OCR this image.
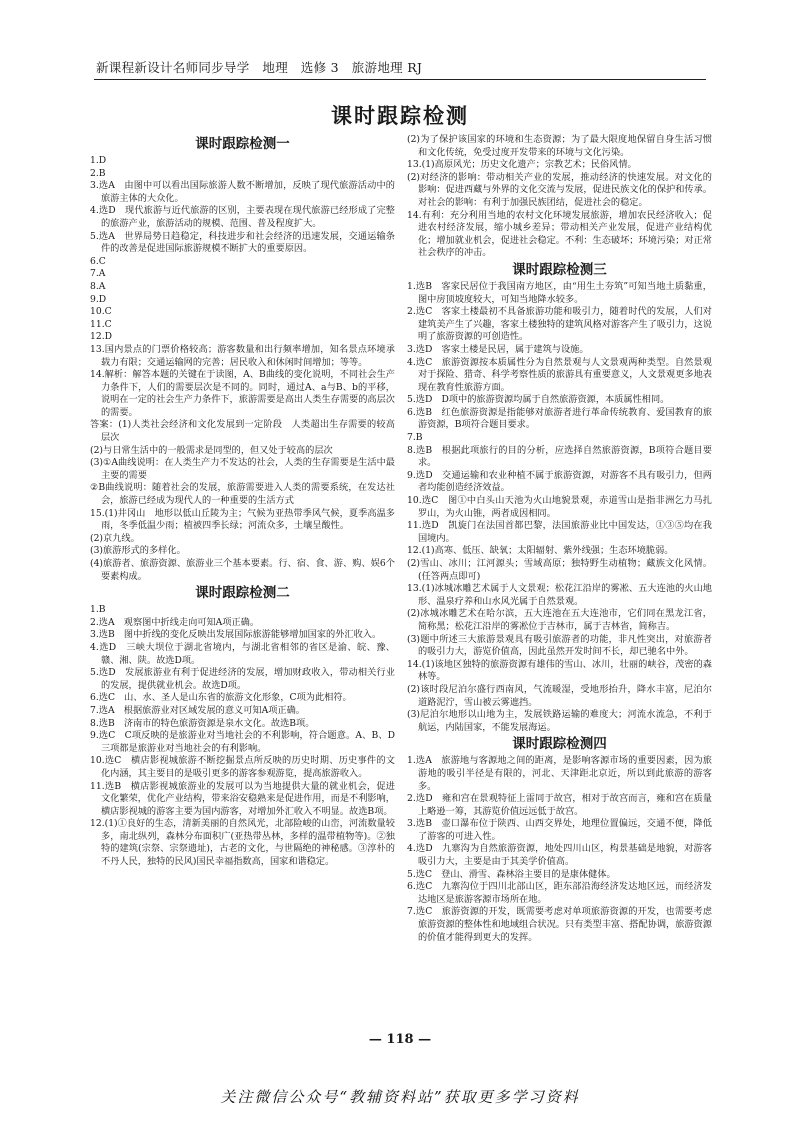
新课程新设计名师同步导学　地理　选修 3　旅游地理 RJ
课时跟踪检测
课时跟踪检测一
1.D
2.B
3.选A　由图中可以看出国际旅游人数不断增加，反映了现代旅游活动中的旅游主体的大众化。
4.选D　现代旅游与近代旅游的区别，主要表现在现代旅游已经形成了完整的旅游产业，旅游活动的规模、范围、普及程度扩大。
5.选A　世界局势日趋稳定，科技进步和社会经济的迅速发展，交通运输条件的改善是促进国际旅游规模不断扩大的重要原因。
6.C
7.A
8.A
9.D
10.C
11.C
12.D
13.国内景点的门票价格较高；游客数量和出行频率增加，知名景点环境承载力有限；交通运输网的完善；居民收入和休闲时间增加；等等。
14.解析：解答本题的关键在于读图，A、B曲线的变化说明，不同社会生产力条件下，人们的需要层次是不同的。同时，通过A、a与B、b的平移，说明在一定的社会生产力条件下，旅游需要是高出人类生存需要的高层次的需要。
答案：(1)人类社会经济和文化发展到一定阶段　人类超出生存需要的较高层次
(2)与日常生活中的一般需求是同型的，但又处于较高的层次
(3)①A曲线说明：在人类生产力不发达的社会，人类的生存需要是生活中最主要的需要
②B曲线说明：随着社会的发展，旅游需要进入人类的需要系统，在发达社会，旅游已经成为现代人的一种重要的生活方式
15.(1)井冈山　地形以低山丘陵为主；气候为亚热带季风气候，夏季高温多雨，冬季低温少雨；植被四季长绿；河流众多，土壤呈酸性。
(2)京九线。
(3)旅游形式的多样化。
(4)旅游者、旅游资源、旅游业三个基本要素。行、宿、食、游、购、娱6个要素构成。
课时跟踪检测二
1.B
2.选A　观察图中折线走向可知A项正确。
3.选B　图中折线的变化反映出发展国际旅游能够增加国家的外汇收入。
4.选D　三峡大坝位于湖北省境内，与湖北省相邻的省区是渝、皖、豫、赣、湘、陕。故选D项。
5.选D　发展旅游业有利于促进经济的发展，增加财政收入，带动相关行业的发展，提供就业机会。故选D项。
6.选C　山、水、圣人是山东省的旅游文化形象，C项为此相符。
7.选A　根据旅游业对区域发展的意义可知A项正确。
8.选B　济南市的特色旅游资源是泉水文化。故选B项。
9.选C　C项反映的是旅游业对当地社会的不利影响，符合题意。A、B、D三项都是旅游业对当地社会的有利影响。
10.选C　横店影视城旅游不断挖掘景点所反映的历史时期、历史事件的文化内涵，其主要目的是吸引更多的游客参观游览，提高旅游收入。
11.选B　横店影视城旅游业的发展可以为当地提供大量的就业机会，促进文化繁荣，优化产业结构，带来浴安稳熟来是促进作用，而是不利影响，横店影视城的游客主要为国内游客，对增加外汇收入不明显。故选B项。
12.(1)①良好的生态，清新美丽的自然风光，北部险峻的山峦，河流数量较多，南北纵列，森林分布面积广(亚热带丛林，多样的温带植物等)。②独特的建筑(宗祭、宗祭遗址)，古老的文化，与世隔绝的神秘感。③淳朴的不丹人民，独特的民风)国民幸福指数高，国家和谐稳定。
(2)为了保护该国家的环境和生态资源；为了最大限度地保留自身生活习惯和文化传统，免受过度开发带来的环境与文化污染。
13.(1)高原风光；历史文化遗产；宗教艺术；民俗风情。
(2)对经济的影响：带动相关产业的发展，推动经济的快速发展。对文化的影响：促进西藏与外界的文化交流与发展，促进民族文化的保护和传承。对社会的影响：有利于加强民族团结，促进社会的稳定。
14.有利：充分利用当地的农村文化环境发展旅游，增加农民经济收入；促进农村经济发展，缩小城乡差异；带动相关产业发展，促进产业结构优化；增加就业机会，促进社会稳定。不利：生态破坏；环境污染；对正常社会秩序的冲击。
课时跟踪检测三
1.选B　客家民居位于我国南方地区，由“用生土夯筑”可知当地土质黏重，图中房顶坡度较大，可知当地降水较多。
2.选C　客家土楼最初不具备旅游功能和吸引力，随着时代的发展，人们对建筑美产生了兴趣，客家土楼独特的建筑风格对游客产生了吸引力，这说明了旅游资源的可创造性。
3.选D　客家土楼是民居，属于建筑与设施。
4.选C　旅游资源按本质属性分为自然景观与人文景观两种类型。自然景观对于探险、猎奇、科学考察性质的旅游具有重要意义，人文景观更多地表现在教育性旅游方面。
5.选D　D项中的旅游资源均属于自然旅游资源，本质属性相同。
6.选B　红色旅游资源是指能够对旅游者进行革命传统教育、爱国教育的旅游资源，B项符合题目要求。
7.B
8.选B　根据此项旅行的目的分析，应选择自然旅游资源，B项符合题目要求。
9.选D　交通运输和农业种植不属于旅游资源，对游客不具有吸引力，但两者均能创造经济效益。
10.选C　图①中白头山天池为火山地貌景观，赤道雪山是指非洲乞力马扎罗山，为火山锥，两者成因相同。
11.选D　凯旋门在法国首都巴黎，法国旅游业比中国发达，①③⑤均在我国境内。
12.(1)高寒、低压、缺氧；太阳辐射、紫外线强；生态环境脆弱。
(2)雪山、冰川；江河源头；雪域高原；独特野生动植物；藏族文化风情。(任答两点即可)
13.(1)冰城冰雕艺术属于人文景观；松花江沿岸的雾凇、五大连池的火山地形、温泉疗养和山水风光属于自然景观。
(2)冰城冰雕艺术在哈尔滨，五大连池在五大连池市，它们同在黑龙江省，简称黑；松花江沿岸的雾凇位于吉林市，属于吉林省，简称吉。
(3)题中所述三大旅游景观具有吸引旅游者的功能，非凡性突出，对旅游者的吸引力大，游览价值高，因此虽然开发时间不长，却已驰名中外。
14.(1)该地区独特的旅游资源有雄伟的雪山、冰川，壮丽的峡谷，茂密的森林等。
(2)该时段尼泊尔盛行西南风，气流暖湿，受地形抬升，降水丰富，尼泊尔道路泥泞，雪山被云雾遮挡。
(3)尼泊尔地形以山地为主，发展铁路运输的难度大；河流水流急，不利于航运，内陆国家，不能发展海运。
课时跟踪检测四
1.选A　旅游地与客源地之间的距离，是影响客源市场的重要因素，因为旅游地的吸引半径是有限的，河北、天津距北京近，所以到此旅游的游客多。
2.选D　雍和宫在景观特征上雷同于故宫，相对于故宫而言，雍和宫在质量上略逊一筹，其游览价值远远低于故宫。
3.选B　壶口瀑布位于陕西、山西交界处，地理位置偏远，交通不便，降低了游客的可进入性。
4.选D　九寨沟为自然旅游资源，地处四川山区，构景基础是地貌，对游客吸引力大，主要是由于其美学价值高。
5.选C　登山、滑雪、森林浴主要目的是康体健体。
6.选C　九寨沟位于四川北部山区，距东部沿海经济发达地区远，而经济发达地区是旅游客源市场所在地。
7.选C　旅游资源的开发，既需要考虑对单项旅游资源的开发，也需要考虑旅游资源的整体性和地域组合状况。只有类型丰富、搭配协调，旅游资源的价值才能得到更大的发挥。
— 118 —
关注微信公众号“教辅资料站”获取更多学习资料
